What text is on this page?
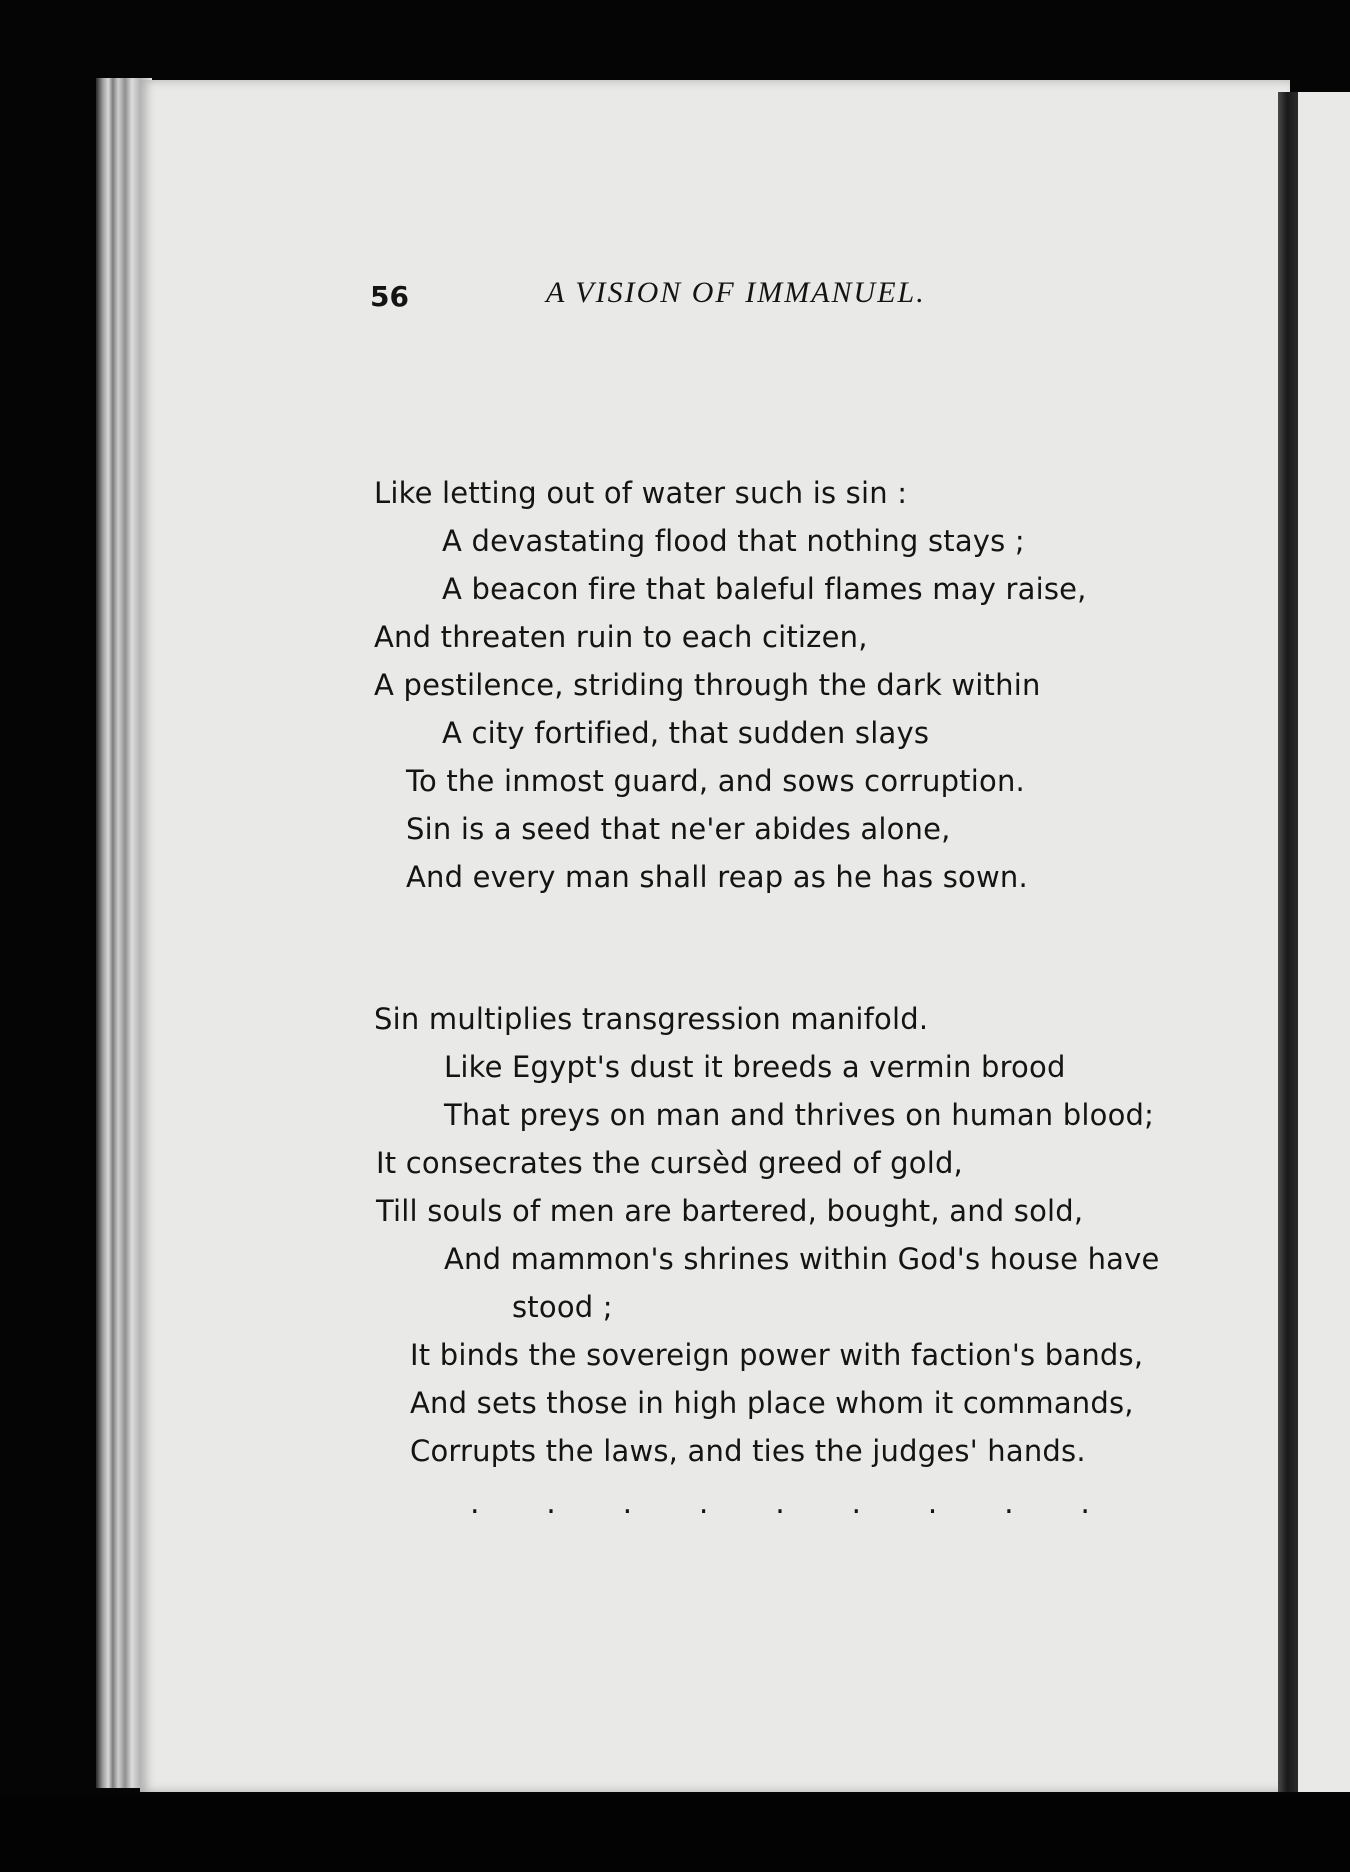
56	A VISION OF IMMANUEL.
Like letting out of water such is sin :
A devastating flood that nothing stays ;
A beacon fire that baleful flames may raise,
And threaten ruin to each citizen,
A pestilence, striding through the dark within
A city fortified, that sudden slays
To the inmost guard, and sows corruption.
Sin is a seed that ne'er abides alone,
And every man shall reap as he has sown.
Sin multiplies transgression manifold.
Like Egypt's dust it breeds a vermin brood
That preys on man and thrives on human blood;
It consecrates the cursèd greed of gold,
Till souls of men are bartered, bought, and sold,
And mammon's shrines within God's house have
stood ;
It binds the sovereign power with faction's bands,
And sets those in high place whom it commands,
Corrupts the laws, and ties the judges' hands.
. . . . . . . . .
